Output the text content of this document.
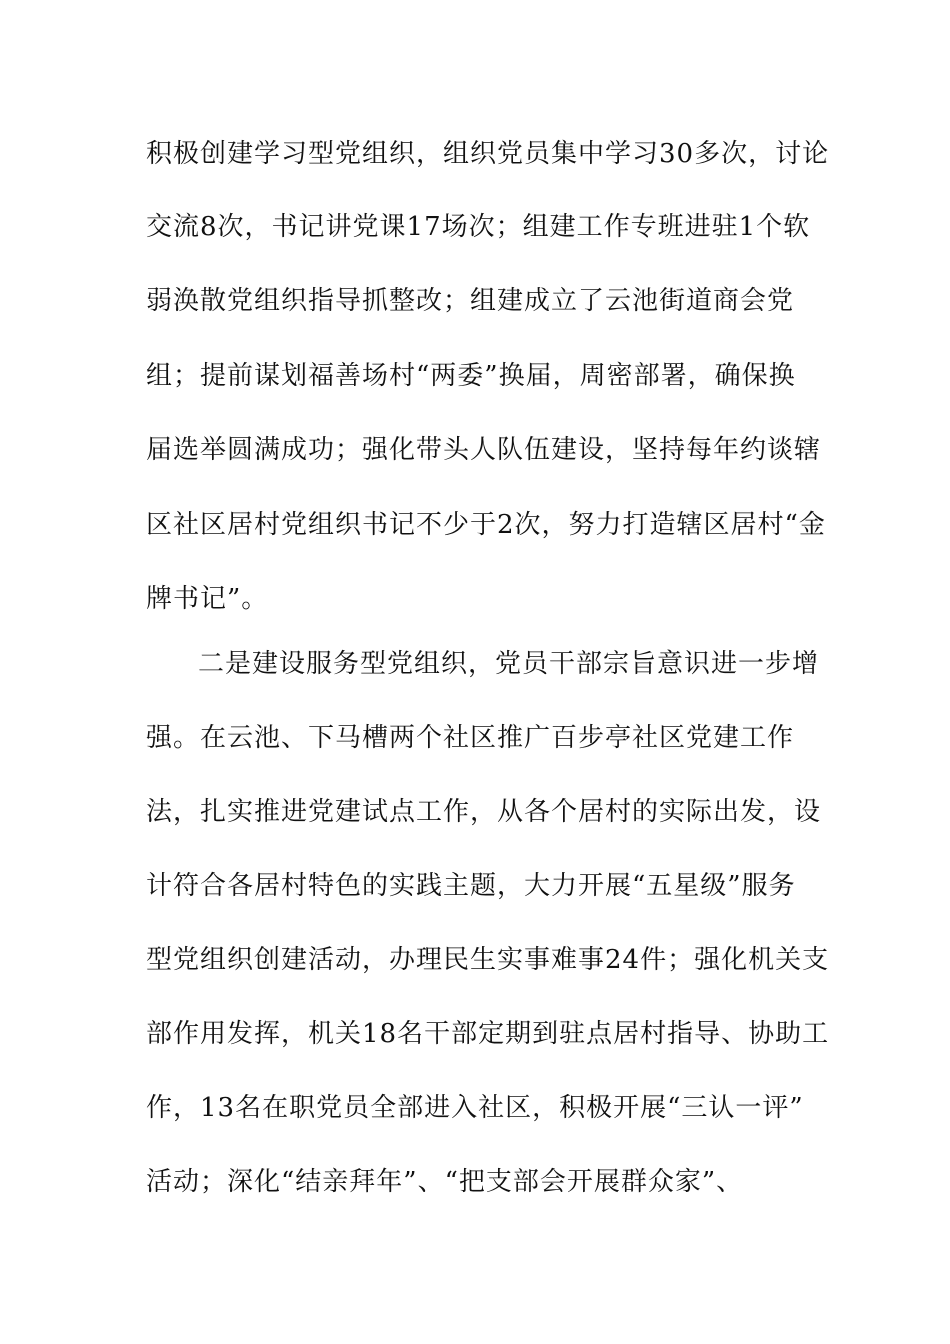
积极创建学习型党组织，组织党员集中学习30多次，讨论
交流8次，书记讲党课17场次；组建工作专班进驻1个软
弱涣散党组织指导抓整改；组建成立了云池街道商会党
组；提前谋划福善场村“两委”换届，周密部署，确保换
届选举圆满成功；强化带头人队伍建设，坚持每年约谈辖
区社区居村党组织书记不少于2次，努力打造辖区居村“金
牌书记”。
二是建设服务型党组织，党员干部宗旨意识进一步增
强。在云池、下马槽两个社区推广百步亭社区党建工作
法，扎实推进党建试点工作，从各个居村的实际出发，设
计符合各居村特色的实践主题，大力开展“五星级”服务
型党组织创建活动，办理民生实事难事24件；强化机关支
部作用发挥，机关18名干部定期到驻点居村指导、协助工
作，13名在职党员全部进入社区，积极开展“三认一评”
活动；深化“结亲拜年”、“把支部会开展群众家”、
